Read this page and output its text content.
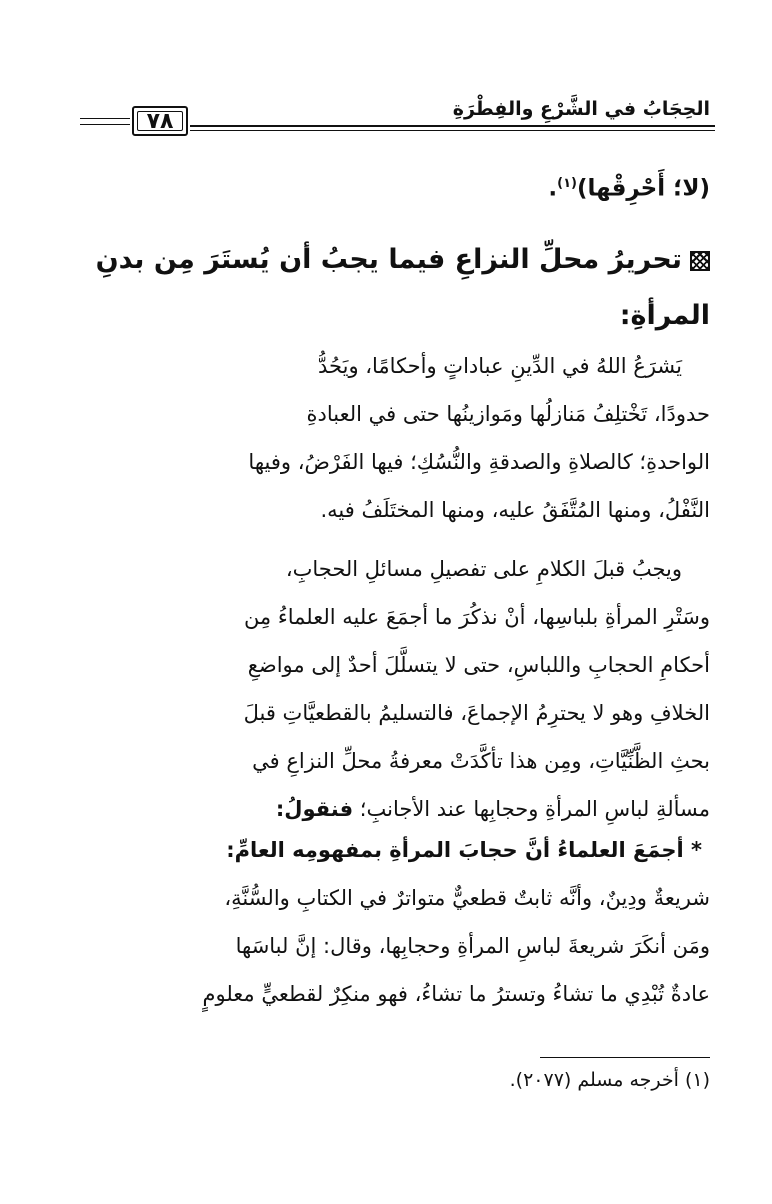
الحِجَابُ في الشَّرْعِ والفِطْرَةِ
٧٨
(لا؛ أَحْرِقْها)$^{(١)}$.
تحريرُ محلِّ النزاعِ فيما يجبُ أن يُستَرَ مِن بدنِ
المرأةِ:
يَشرَعُ اللهُ في الدِّينِ عباداتٍ وأحكامًا، ويَحُدُّ
حدودًا، تَخْتلِفُ مَنازلُها ومَوازينُها حتى في العبادةِ
الواحدةِ؛ كالصلاةِ والصدقةِ والنُّسُكِ؛ فيها الفَرْضُ، وفيها
النَّفْلُ، ومنها المُتَّفَقُ عليه، ومنها المختَلَفُ فيه.
ويجبُ قبلَ الكلامِ على تفصيلِ مسائلِ الحجابِ،
وسَتْرِ المرأةِ بلباسِها، أنْ نذكُرَ ما أجمَعَ عليه العلماءُ مِن
أحكامِ الحجابِ واللباسِ، حتى لا يتسلَّلَ أحدٌ إلى مواضعِ
الخلافِ وهو لا يحترِمُ الإجماعَ، فالتسليمُ بالقطعيَّاتِ قبلَ
بحثِ الظَّنِّيَّاتِ، ومِن هذا تأكَّدَتْ معرفةُ محلِّ النزاعِ في
مسألةِ لباسِ المرأةِ وحجابِها عند الأجانبِ؛ فنقولُ:
* أجمَعَ العلماءُ أنَّ حجابَ المرأةِ بمفهومِه العامِّ:
شريعةٌ ودِينٌ، وأنَّه ثابتٌ قطعيٌّ متواترٌ في الكتابِ والسُّنَّةِ،
ومَن أنكَرَ شريعةَ لباسِ المرأةِ وحجابِها، وقال: إنَّ لباسَها
عادةٌ تُبْدِي ما تشاءُ وتسترُ ما تشاءُ، فهو منكِرٌ لقطعيٍّ معلومٍ
(١) أخرجه مسلم (٢٠٧٧).
